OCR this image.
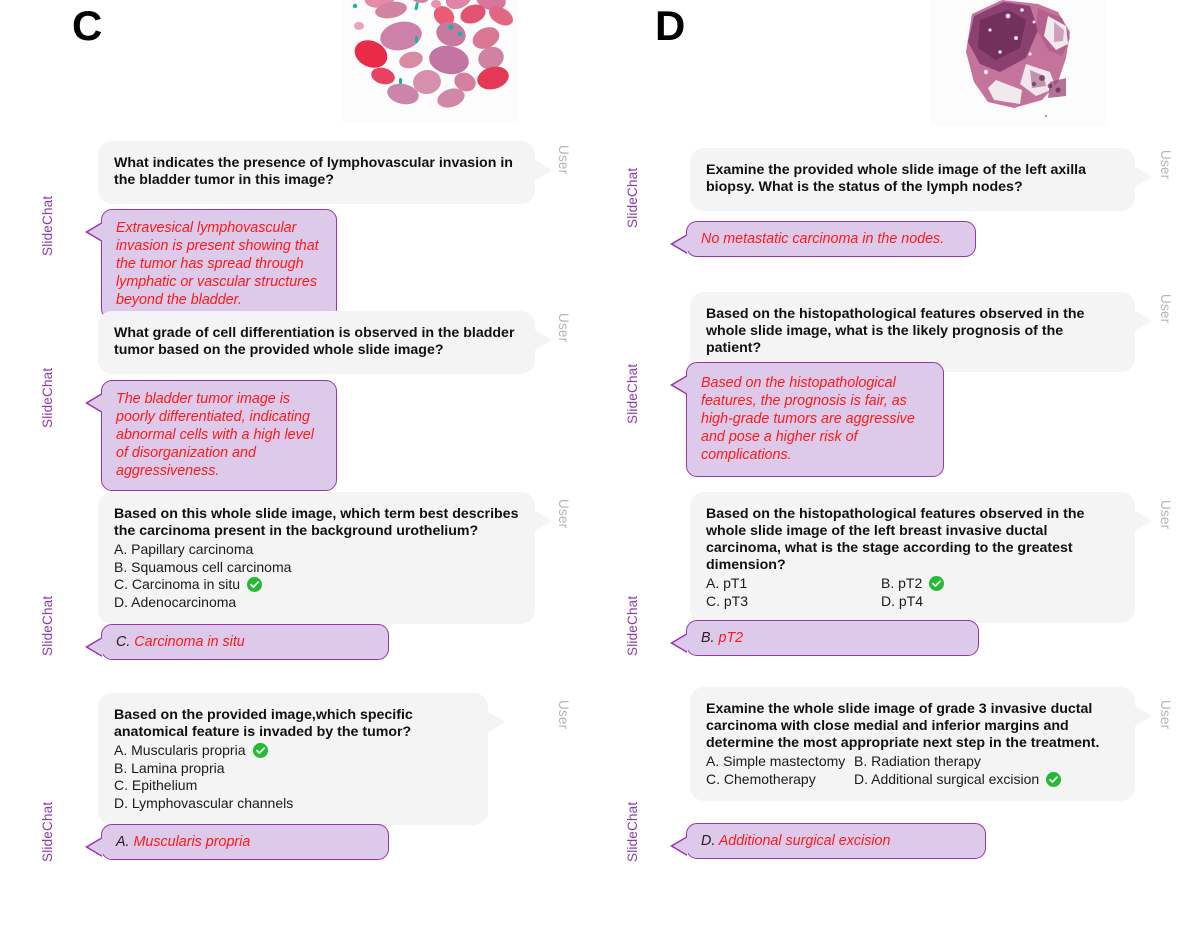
C
User

What indicates the presence of lymphovascular invasion in the bladder tumor in this image?

SlideChat	Extravesical lymphovascular invasion is present showing that the tumor has spread through lymphatic or vascular structures beyond the bladder.

User

What grade of cell differentiation is observed in the bladder tumor based on the provided whole slide image?

SlideChat	The bladder tumor image is poorly differentiated, indicating abnormal cells with a high level of disorganization and aggressiveness.

User

Based on this whole slide image, which term best describes the carcinoma present in the background urothelium?

A. Papillary carcinoma
B. Squamous cell carcinoma
C. Carcinoma in situ
D. Adenocarcinoma
SlideChat	C. Carcinoma in situ

User

Based on the provided image,which specific anatomical feature is invaded by the tumor?

A. Muscularis propria
B. Lamina propria
C. Epithelium
D. Lymphovascular channels
SlideChat	A. Muscularis propria

D
User

Examine the provided whole slide image of the left axilla biopsy. What is the status of the lymph nodes?

SlideChat

No metastatic carcinoma in the nodes.

User

Based on the histopathological features observed in the whole slide image, what is the likely prognosis of the patient?

SlideChat	Based on the histopathological features, the prognosis is fair, as high-grade tumors are aggressive and pose a higher risk of complications.

User

Based on the histopathological features observed in the whole slide image of the left breast invasive ductal carcinoma, what is the stage according to the greatest dimension?

A. pT1	B. pT2
C. pT3	D. pT4
SlideChat	B. pT2

User

Examine the whole slide image of grade 3 invasive ductal carcinoma with close medial and inferior margins and determine the most appropriate next step in the treatment.

A. Simple mastectomy B. Radiation therapy
C. Chemotherapy	D. Additional surgical excision
SlideChat	D. Additional surgical excision
